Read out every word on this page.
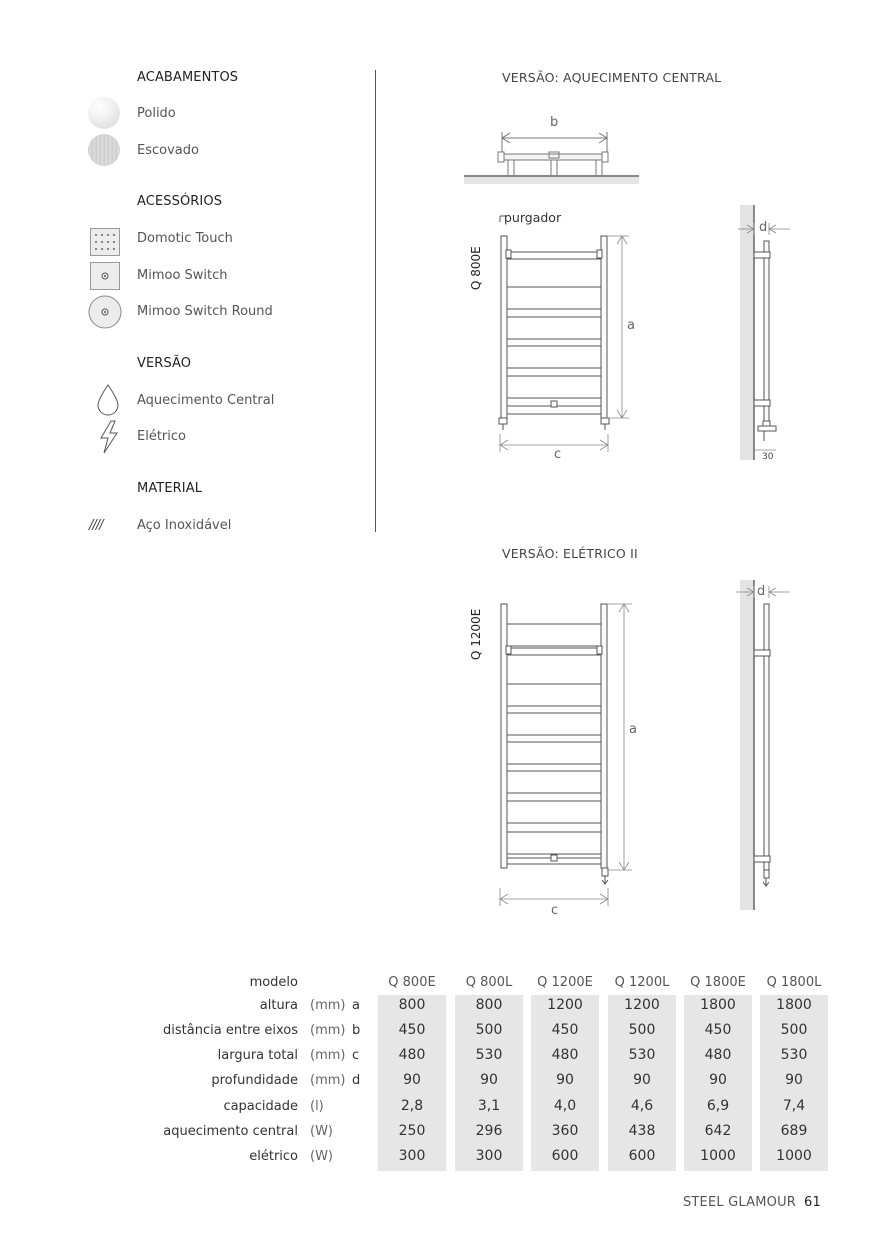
ACABAMENTOS
Polido
Escovado
ACESSÓRIOS
Domotic Touch
Mimoo Switch
Mimoo Switch Round
VERSÃO
Aquecimento Central
Elétrico
MATERIAL
////	Aço Inoxidável
VERSÃO: AQUECIMENTO CENTRAL
b
purgador
Q 800E
a
c
d
30
VERSÃO: ELÉTRICO II
Q 1200E
a
c
d
modelo	Q 800E	Q 800L	Q 1200E	Q 1200L	Q 1800E	Q 1800L
altura (mm) a	800	800	1200	1200	1800	1800
distância entre eixos (mm) b	450	500	450	500	450	500
largura total (mm) c	480	530	480	530	480	530
profundidade (mm) d	90	90	90	90	90	90
capacidade (l)	2,8	3,1	4,0	4,6	6,9	7,4
aquecimento central (W)	250	296	360	438	642	689
elétrico (W)	300	300	600	600	1000	1000
STEEL GLAMOUR 61
